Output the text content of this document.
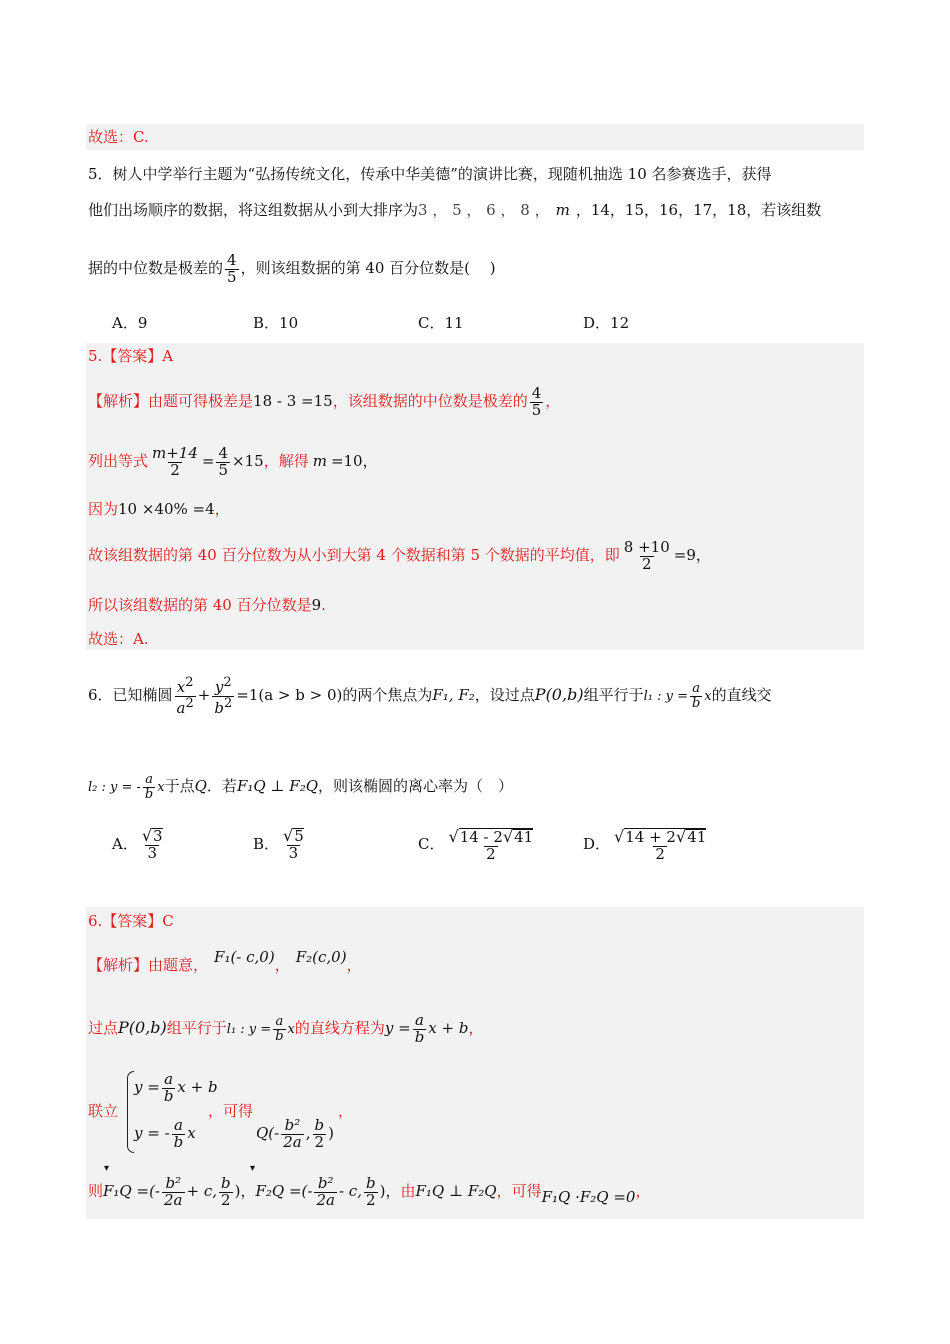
故选：C.
5．树人中学举行主题为“弘扬传统文化，传承中华美德”的演讲比赛，现随机抽选 10 名参赛选手，获得
他们出场顺序的数据，将这组数据从小到大排序为3 ， 5 ， 6 ， 8 ， m ，14，15，16，17，18，若该组数
据的中位数是极差的 $\frac{4}{5}$ ，则该组数据的第 40 百分位数是(　 )
A．9	B．10	C．11	D．12
5.【答案】A
【解析】由题可得极差是18 - 3 =15，该组数据的中位数是极差的 $\frac{4}{5}$ ，
列出等式 $\frac{m+14}{2} = \frac{4}{5} \times 15$，解得 m =10，
因为10 ×40% =4，
故该组数据的第 40 百分位数为从小到大第 4 个数据和第 5 个数据的平均值，即 $\frac{8 +10}{2} =9$，
所以该组数据的第 40 百分位数是9.
故选：A.
6．已知椭圆 $\frac{x^2}{a^2} + \frac{y^2}{b^2} =1(a > b > 0)$的两个焦点为F₁, F₂，设过点P(0,b)组平行于l₁ : $y = \frac{a}{b}$ x的直线交
l₂ : y = - $\frac{a}{b}$ x于点Q．若F₁Q ⊥ F₂Q，则该椭圆的离心率为（　）
A． $\frac{√3}{3}$	B． $\frac{√5}{3}$	C． $\frac{√14 - 2√41}{2}$	D． $\frac{√14 + 2√41}{2}$
6.【答案】C
【解析】由题意， F₁(- c,0)， F₂(c,0)，
过点P(0,b)组平行于l₁ : $y = \frac{a}{b}$ x的直线方程为$y = \frac{a}{b}$ x + b，
联立
$y = \frac{a}{b}$ x + b
y = - $\frac{a}{b}$ x
，可得
$Q(- \frac{\text{b²}}{2a}$ , $\frac{b}{2}$ )
，
▾	▾
则F₁Q =(- $\frac{\text{b²}}{2a} + c$, $\frac{b}{2}$ )，F₂Q =(- $\frac{\text{b²}}{2a}$ - c, $\frac{b}{2}$ )，由F₁Q ⊥ F₂Q，可得F₁Q ·F₂Q =0，
